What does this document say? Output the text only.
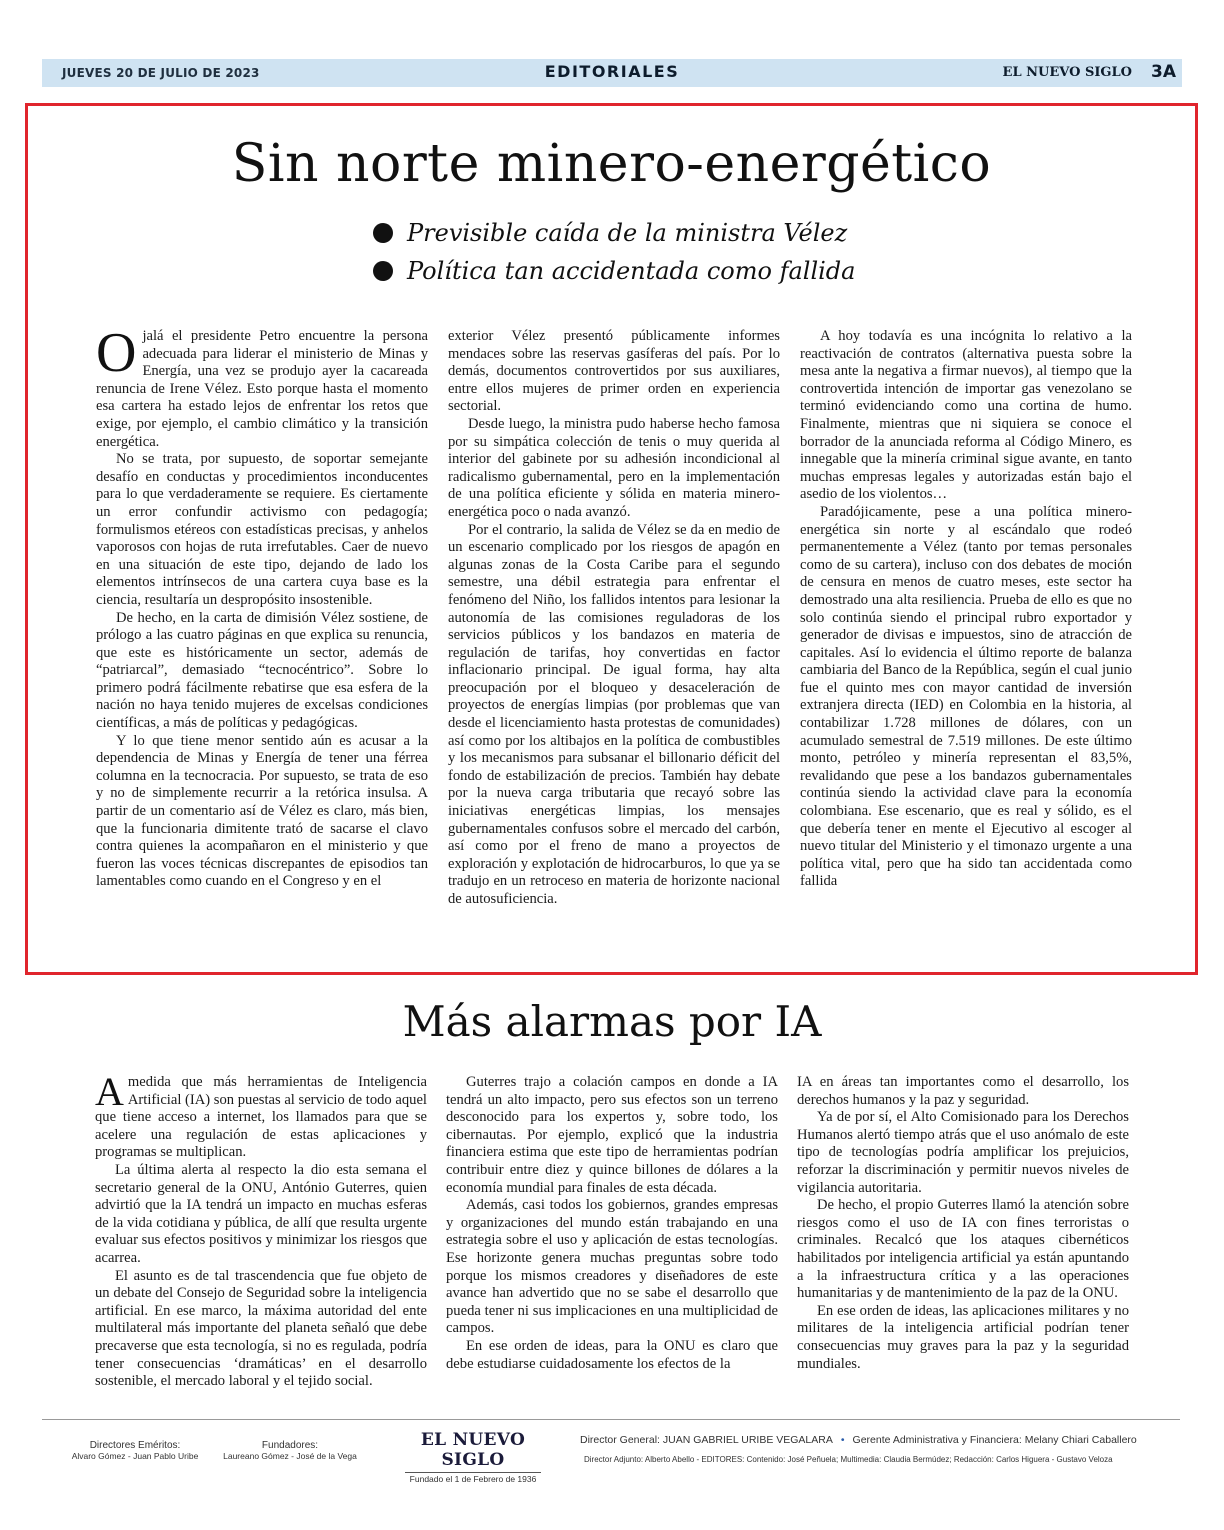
JUEVES 20 DE JULIO DE 2023	EDITORIALES	EL NUEVO SIGLO 3A
Sin norte minero-energético
Previsible caída de la ministra Vélez
Política tan accidentada como fallida

Ojalá el presidente Petro encuentre la persona adecuada para liderar el ministerio de Minas y Energía, una vez se produjo ayer la cacareada renuncia de Irene Vélez. Esto porque hasta el momento esa cartera ha estado lejos de enfrentar los retos que exige, por ejemplo, el cambio climático y la transición energética.

No se trata, por supuesto, de soportar semejante desafío en conductas y procedimientos inconducentes para lo que verdaderamente se requiere. Es ciertamente un error confundir activismo con pedagogía; formulismos etéreos con estadísticas precisas, y anhelos vaporosos con hojas de ruta irrefutables. Caer de nuevo en una situación de este tipo, dejando de lado los elementos intrínsecos de una cartera cuya base es la ciencia, resultaría un despropósito insostenible.

De hecho, en la carta de dimisión Vélez sostiene, de prólogo a las cuatro páginas en que explica su renuncia, que este es históricamente un sector, además de “patriarcal”, demasiado “tecnocéntrico”. Sobre lo primero podrá fácilmente rebatirse que esa esfera de la nación no haya tenido mujeres de excelsas condiciones científicas, a más de políticas y pedagógicas.

Y lo que tiene menor sentido aún es acusar a la dependencia de Minas y Energía de tener una férrea columna en la tecnocracia. Por supuesto, se trata de eso y no de simplemente recurrir a la retórica insulsa. A partir de un comentario así de Vélez es claro, más bien, que la funcionaria dimitente trató de sacarse el clavo contra quienes la acompañaron en el ministerio y que fueron las voces técnicas discrepantes de episodios tan lamentables como cuando en el Congreso y en el

exterior Vélez presentó públicamente informes mendaces sobre las reservas gasíferas del país. Por lo demás, documentos controvertidos por sus auxiliares, entre ellos mujeres de primer orden en experiencia sectorial.

Desde luego, la ministra pudo haberse hecho famosa por su simpática colección de tenis o muy querida al interior del gabinete por su adhesión incondicional al radicalismo gubernamental, pero en la implementación de una política eficiente y sólida en materia minero-energética poco o nada avanzó.

Por el contrario, la salida de Vélez se da en medio de un escenario complicado por los riesgos de apagón en algunas zonas de la Costa Caribe para el segundo semestre, una débil estrategia para enfrentar el fenómeno del Niño, los fallidos intentos para lesionar la autonomía de las comisiones reguladoras de los servicios públicos y los bandazos en materia de regulación de tarifas, hoy convertidas en factor inflacionario principal. De igual forma, hay alta preocupación por el bloqueo y desaceleración de proyectos de energías limpias (por problemas que van desde el licenciamiento hasta protestas de comunidades) así como por los altibajos en la política de combustibles y los mecanismos para subsanar el billonario déficit del fondo de estabilización de precios. También hay debate por la nueva carga tributaria que recayó sobre las iniciativas energéticas limpias, los mensajes gubernamentales confusos sobre el mercado del carbón, así como por el freno de mano a proyectos de exploración y explotación de hidrocarburos, lo que ya se tradujo en un retroceso en materia de horizonte nacional de autosuficiencia.

A hoy todavía es una incógnita lo relativo a la reactivación de contratos (alternativa puesta sobre la mesa ante la negativa a firmar nuevos), al tiempo que la controvertida intención de importar gas venezolano se terminó evidenciando como una cortina de humo. Finalmente, mientras que ni siquiera se conoce el borrador de la anunciada reforma al Código Minero, es innegable que la minería criminal sigue avante, en tanto muchas empresas legales y autorizadas están bajo el asedio de los violentos…

Paradójicamente, pese a una política minero-energética sin norte y al escándalo que rodeó permanentemente a Vélez (tanto por temas personales como de su cartera), incluso con dos debates de moción de censura en menos de cuatro meses, este sector ha demostrado una alta resiliencia. Prueba de ello es que no solo continúa siendo el principal rubro exportador y generador de divisas e impuestos, sino de atracción de capitales. Así lo evidencia el último reporte de balanza cambiaria del Banco de la República, según el cual junio fue el quinto mes con mayor cantidad de inversión extranjera directa (IED) en Colombia en la historia, al contabilizar 1.728 millones de dólares, con un acumulado semestral de 7.519 millones. De este último monto, petróleo y minería representan el 83,5%, revalidando que pese a los bandazos gubernamentales continúa siendo la actividad clave para la economía colombiana. Ese escenario, que es real y sólido, es el que debería tener en mente el Ejecutivo al escoger al nuevo titular del Ministerio y el timonazo urgente a una política vital, pero que ha sido tan accidentada como fallida

Más alarmas por IA

Amedida que más herramientas de Inteligencia Artificial (IA) son puestas al servicio de todo aquel que tiene acceso a internet, los llamados para que se acelere una regulación de estas aplicaciones y programas se multiplican.

La última alerta al respecto la dio esta semana el secretario general de la ONU, António Guterres, quien advirtió que la IA tendrá un impacto en muchas esferas de la vida cotidiana y pública, de allí que resulta urgente evaluar sus efectos positivos y minimizar los riesgos que acarrea.

El asunto es de tal trascendencia que fue objeto de un debate del Consejo de Seguridad sobre la inteligencia artificial. En ese marco, la máxima autoridad del ente multilateral más importante del planeta señaló que debe precaverse que esta tecnología, si no es regulada, podría tener consecuencias ‘dramáticas’ en el desarrollo sostenible, el mercado laboral y el tejido social.

Guterres trajo a colación campos en donde a IA tendrá un alto impacto, pero sus efectos son un terreno desconocido para los expertos y, sobre todo, los cibernautas. Por ejemplo, explicó que la industria financiera estima que este tipo de herramientas podrían contribuir entre diez y quince billones de dólares a la economía mundial para finales de esta década.

Además, casi todos los gobiernos, grandes empresas y organizaciones del mundo están trabajando en una estrategia sobre el uso y aplicación de estas tecnologías. Ese horizonte genera muchas preguntas sobre todo porque los mismos creadores y diseñadores de este avance han advertido que no se sabe el desarrollo que pueda tener ni sus implicaciones en una multiplicidad de campos.

En ese orden de ideas, para la ONU es claro que debe estudiarse cuidadosamente los efectos de la

IA en áreas tan importantes como el desarrollo, los derechos humanos y la paz y seguridad.

Ya de por sí, el Alto Comisionado para los Derechos Humanos alertó tiempo atrás que el uso anómalo de este tipo de tecnologías podría amplificar los prejuicios, reforzar la discriminación y permitir nuevos niveles de vigilancia autoritaria.

De hecho, el propio Guterres llamó la atención sobre riesgos como el uso de IA con fines terroristas o criminales. Recalcó que los ataques cibernéticos habilitados por inteligencia artificial ya están apuntando a la infraestructura crítica y a las operaciones humanitarias y de mantenimiento de la paz de la ONU.

En ese orden de ideas, las aplicaciones militares y no militares de la inteligencia artificial podrían tener consecuencias muy graves para la paz y la seguridad mundiales.

Directores Eméritos:
Alvaro Gómez - Juan Pablo Uribe
Fundadores:
Laureano Gómez - José de la Vega
EL NUEVO SIGLO
Fundado el 1 de Febrero de 1936
Director General: JUAN GABRIEL URIBE VEGALARA • Gerente Administrativa y Financiera: Melany Chiari Caballero
Director Adjunto: Alberto Abello - EDITORES: Contenido: José Peñuela; Multimedia: Claudia Bermúdez; Redacción: Carlos Higuera - Gustavo Veloza
